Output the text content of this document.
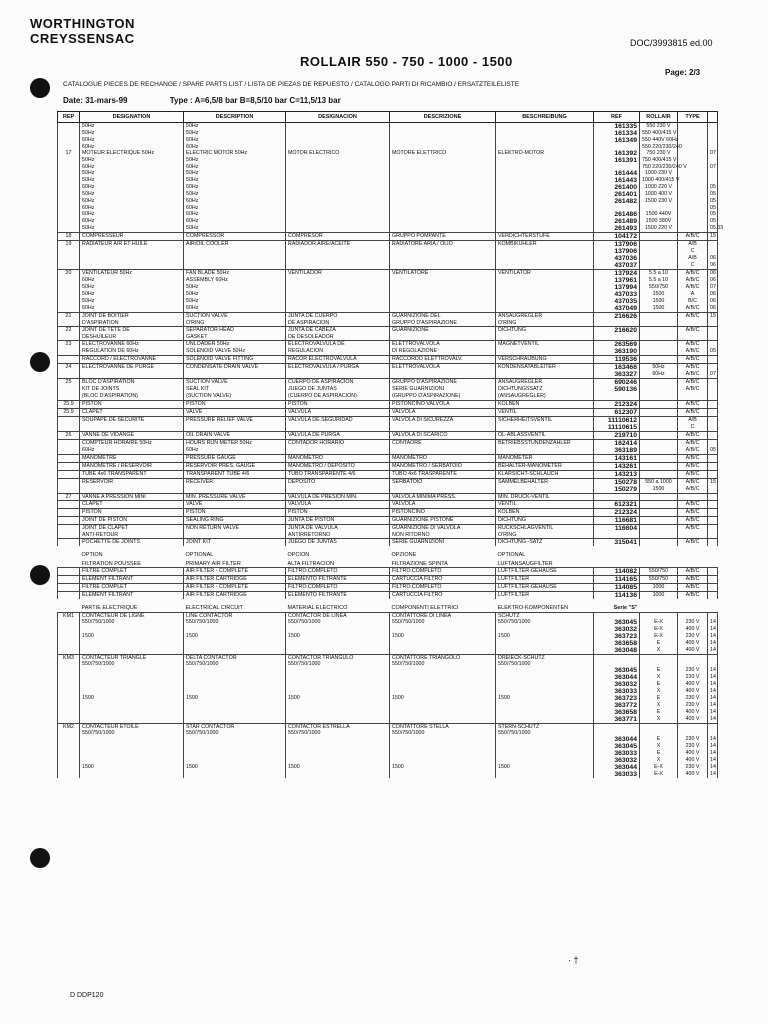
WORTHINGTON
CREYSSENSAC	DOC/3993815 ed.00
ROLLAIR 550 - 750 - 1000 - 1500
Page: 2/3
CATALOGUE PIECES DE RECHANGE / SPARE PARTS LIST / LISTA DE PIEZAS DE REPUESTO / CATALOGO PARTI DI RICAMBIO / ERSATZTEILELISTE
Date: 31-mars-99	Type : A=6,5/8 bar B=8,5/10 bar C=11,5/13 bar
REP	DESIGNATION	DESCRIPTION	DESIGNACION	DESCRIZIONE	BESCHREIBUNG	REF	ROLLAIR	TYPE	
	50Hz	50Hz				161335	550 230 V		
	50Hz	50Hz				161334	550 400/415 V		
	60Hz	60Hz				161349	550 440V 60Hz		
	60Hz	60Hz					550 220/230/240		
17	MOTEUR ELECTRIQUE 50Hz	ELECTRIC MOTOR 50Hz	MOTOR ELECTRICO	MOTORE ELETTRICO	ELEKTRO-MOTOR	161392	750 230 V		07
	50Hz	50Hz				161391	750 400/415 V		
	60Hz	60Hz					750 220/230/240 V		07
	50Hz	50Hz				161444	1000 230 V		
	50Hz	50Hz				161443	1000 400/415 V		
	60Hz	60Hz				261400	1000 220 V		05
	50Hz	50Hz				261401	1000 400 V		05
	60Hz	60Hz				261482	1500 230 V		05
	60Hz	60Hz							05
	60Hz	60Hz				261486	1500 440V		05
	60Hz	60Hz				261489	1500 380V		05
	50Hz	50Hz				261493	1500 220 V		05.03
18	COMPRESSEUR	COMPRESSOR	COMPRESOR	GRUPPO POMPANTE	VERDICHTERSTUFE	104172		A/B/C	15
19	RADIATEUR AIR ET HUILE	AIR/OIL COOLER	RADIADOR AIRE/ACEITE	RADIATORE ARIA / OLIO	KOMBIKUHLER	137906		A/B	
						137906		C	
						437036		A/B	06
						437037		C	06

20	VENTILATEUR 50Hz	FAN BLADE 50Hz	VENTILADOR	VENTILATORE	VENTILATOR	137924	5.5 a 10	A/B/C	06
	60Hz	ASSEMBLY 60Hz				137961	5.5 a 10	A/B/C	06
	50Hz	50Hz				137994	550/750	A/B/C	07
	50Hz	50Hz				437033	1500	A	06
	50Hz	50Hz				437035	1500	B/C	06
	60Hz	60Hz				437049	1500	A/B/C	06
21	JOINT DE BOITIER	SUCTION VALVE	JUNTA DE CUERPO	GUARNIZIONE DEL	ANSAUGREGLER	216626		A/B/C	15
	D'ASPIRATION	O'RING	DE ASPIRACION	GRUPPO D'ASPIRAZIONE	O'RING				
22	JOINT DE TETE DE	SEPARATOR HEAD	JUNTA DE CABEZA	GUARNIZIONE	DICHTUNG	216620		A/B/C	
	DESHUILEUR	GASKET	DE DESOLEADOR						
23	ELECTROVANNE 60Hz	UNLOADER 50Hz	ELECTROVALVULA DE	ELETTROVALVOLA	MAGNETVENTIL	263569		A/B/C	
	REGULATION DE 60Hz	SOLENOID VALVE 50Hz	REGULACION	DI REGOLAZIONE		363190		A/B/C	05
	RACCORD / ELECTROVANNE	SOLENOID VALVE FITTING	RACOR ELECTROVALVULA	RACCORDO ELETTROVALV.	VERSCHRAUBUNG	119536		A/B/C	
24	ELECTROVANNE DE PURGE	CONDENSATE DRAIN VALVE	ELECTROVALVULA / PURGA	ELETTROVALVOLA	KONDENSATABLEITER	163466	50Hz	A/B/C	
						363327	60Hz	A/B/C	07
25	BLOC D'ASPIRATION	SUCTION VALVE	CUERPO DE ASPIRACION	GRUPPO D'ASPIRAZIONE	ANSAUGREGLER	690246		A/B/C	
	KIT DE JOINTS	SEAL KIT	JUEGO DE JUNTAS	SERIE GUARNIZIONI	DICHTUNGSSATZ	590136		A/B/C	
	(BLOC D'ASPIRATION)	(SUCTION VALVE)	(CUERPO DE ASPIRACION)	(GRUPPO D'ASPIRAZIONE)	(ANSAUGREGLER)				
25.9	PISTON	PISTON	PISTON	PISTONCINO VALVOLA	KOLBEN	212324		A/B/C	
25.9	CLAPET	VALVE	VALVULA	VALVOLA	VENTIL	612307		A/B/C	
	SOUPAPE DE SECURITE	PRESSURE RELIEF VALVE	VALVULA DE SEGURIDAD	VALVOLA DI SICUREZZA	SICHERHEITSVENTIL	11110612		A/B	
						11110615		C	
26	VANNE DE VIDANGE	OIL DRAIN VALVE	VALVULA DE PURGA	VALVOLA DI SCARICO	OL-ABLASSVENTIL	219710		A/B/C	
	COMPTEUR HORAIRE 50Hz	HOURS RUN METER 50Hz	CONTADOR HORARIO	CONTAORE	BETRIEBSSTUNDENZAHLER	162414		A/B/C	
	60Hz	60Hz				363189		A/B/C	05
	MANOMETRE	PRESSURE GAUGE	MANOMETRO	MANOMETRO	MANOMETER	143161		A/B/C	
	MANOMETRE / RESERVOIR	RESERVOIR PRES. GAUGE	MANOMETRO / DEPOSITO	MANOMETRO / SERBATOIO	BEHALTER-MANOMETER	143261		A/B/C	
	TUBE 4x6 TRANSPARENT	TRANSPARENT TUBE 4/6	TUBO TRANSPARENTE 4/6	TUBO 4x6 TRASPARENTE	KLARSICHT-SCHLAUCH	143213		A/B/C	
	RESERVOIR	RECEIVER	DEPOSITO	SERBATOIO	SAMMELBEHALTER	150278	550 a 1000	A/B/C	15
						150279	1500	A/B/C	
27	VANNE A PRESSION MINI	MIN. PRESSURE VALVE	VALVULA DE PRESION MIN.	VALVOLA MINIMA PRESS.	MIN. DRUCK-VENTIL				
	CLAPET	VALVE	VALVULA	VALVOLA	VENTIL	612321		A/B/C	
	PISTON	PISTON	PISTON	PISTONCINO	KOLBEN	212324		A/B/C	
	JOINT DE PISTON	SEALING RING	JUNTA DE PISTON	GUARNIZIONE PISTONE	DICHTUNG	116681		A/B/C	
	JOINT DE CLAPET	NON RETURN VALVE	JUNTA DE VALVULA	GUARNIZIONE DI VALVOLA	RUCKSCHLAGVENTIL	116604		A/B/C	
	ANTI-RETOUR		ANTIRRETORNO	NON RITORNO	O'RING				
	POCHETTE DE JOINTS	JOINT KIT	JUEGO DE JUNTAS	SERIE GUARNIZIONI	DICHTUNG -SATZ	315041		A/B/C	

	OPTION	OPTIONAL	OPCION	OPZIONE	OPTIONAL				
	FILTRATION POUSSEE	PRIMARY AIR FILTER	ALTA FILTRACION	FILTRAZIONE SPINTA	LUFTANSAUGFILTER				
	FILTRE COMPLET	AIR FILTER - COMPLETE	FILTRO COMPLETO	FILTRO COMPLETO	LUFTFILTER-GEHAUSE	114082	550/750	A/B/C	
	ELEMENT FILTRANT	AIR FILTER CARTRIDGE	ELEMENTO FILTRANTE	CARTUCCIA FILTRO	LUFTFILTER	114165	550/750	A/B/C	
	FILTRE COMPLET	AIR FILTER - COMPLETE	FILTRO COMPLETO	FILTRO COMPLETO	LUFTFILTER-GEHAUSE	114085	1000	A/B/C	
	ELEMENT FILTRANT	AIR FILTER CARTRIDGE	ELEMENTO FILTRANTE	CARTUCCIA FILTRO	LUFTFILTER	114136	1000	A/B/C	

	PARTIE ELECTRIQUE	ELECTRICAL CIRCUIT	MATERIAL ELECTRICO	COMPONENTI ELETTRICI	ELEKTRO-KOMPONENTEN	Serie "S"			
KM1	CONTACTEUR DE LIGNE	LINE CONTACTOR	CONTACTOR DE LINEA	CONTATTORE DI LINEA	SCHUTZ				
	550/750/1000	550/750/1000	550/750/1000	550/750/1000	550/750/1000	363045	E-X	230 V	14
						363032	E-X	400 V	14
	1500	1500	1500	1500	1500	363723	E-X	230 V	14
						363658	E	400 V	14
						363048	X	400 V	14

KM3	CONTACTEUR TRIANGLE	DELTA CONTACTOR	CONTACTOR TRIANGULO	CONTATTORE TRIANGOLO	DREIECK-SCHUTZ				
	550/750/1000	550/750/1000	550/750/1000	550/750/1000	550/750/1000				
						363045	E	230 V	14
						363044	X	230 V	14
						363032	E	400 V	14
						363033	X	400 V	14
	1500	1500	1500	1500	1500	363723	E	230 V	14
						363772	X	230 V	14
						363658	E	400 V	14
						363771	X	400 V	14

KM2	CONTACTEUR ETOILE	STAR CONTACTOR	CONTACTOR ESTRELLA	CONTATTORE STELLA	STERN-SCHUTZ				
	550/750/1000	550/750/1000	550/750/1000	550/750/1000	550/750/1000				
						363044	E	230 V	14
						363045	X	230 V	14
						363033	E	400 V	14
						363032	X	400 V	14
	1500	1500	1500	1500	1500	363044	E-X	230 V	14
						363033	E-X	400 V	14
D DDP120
· †
